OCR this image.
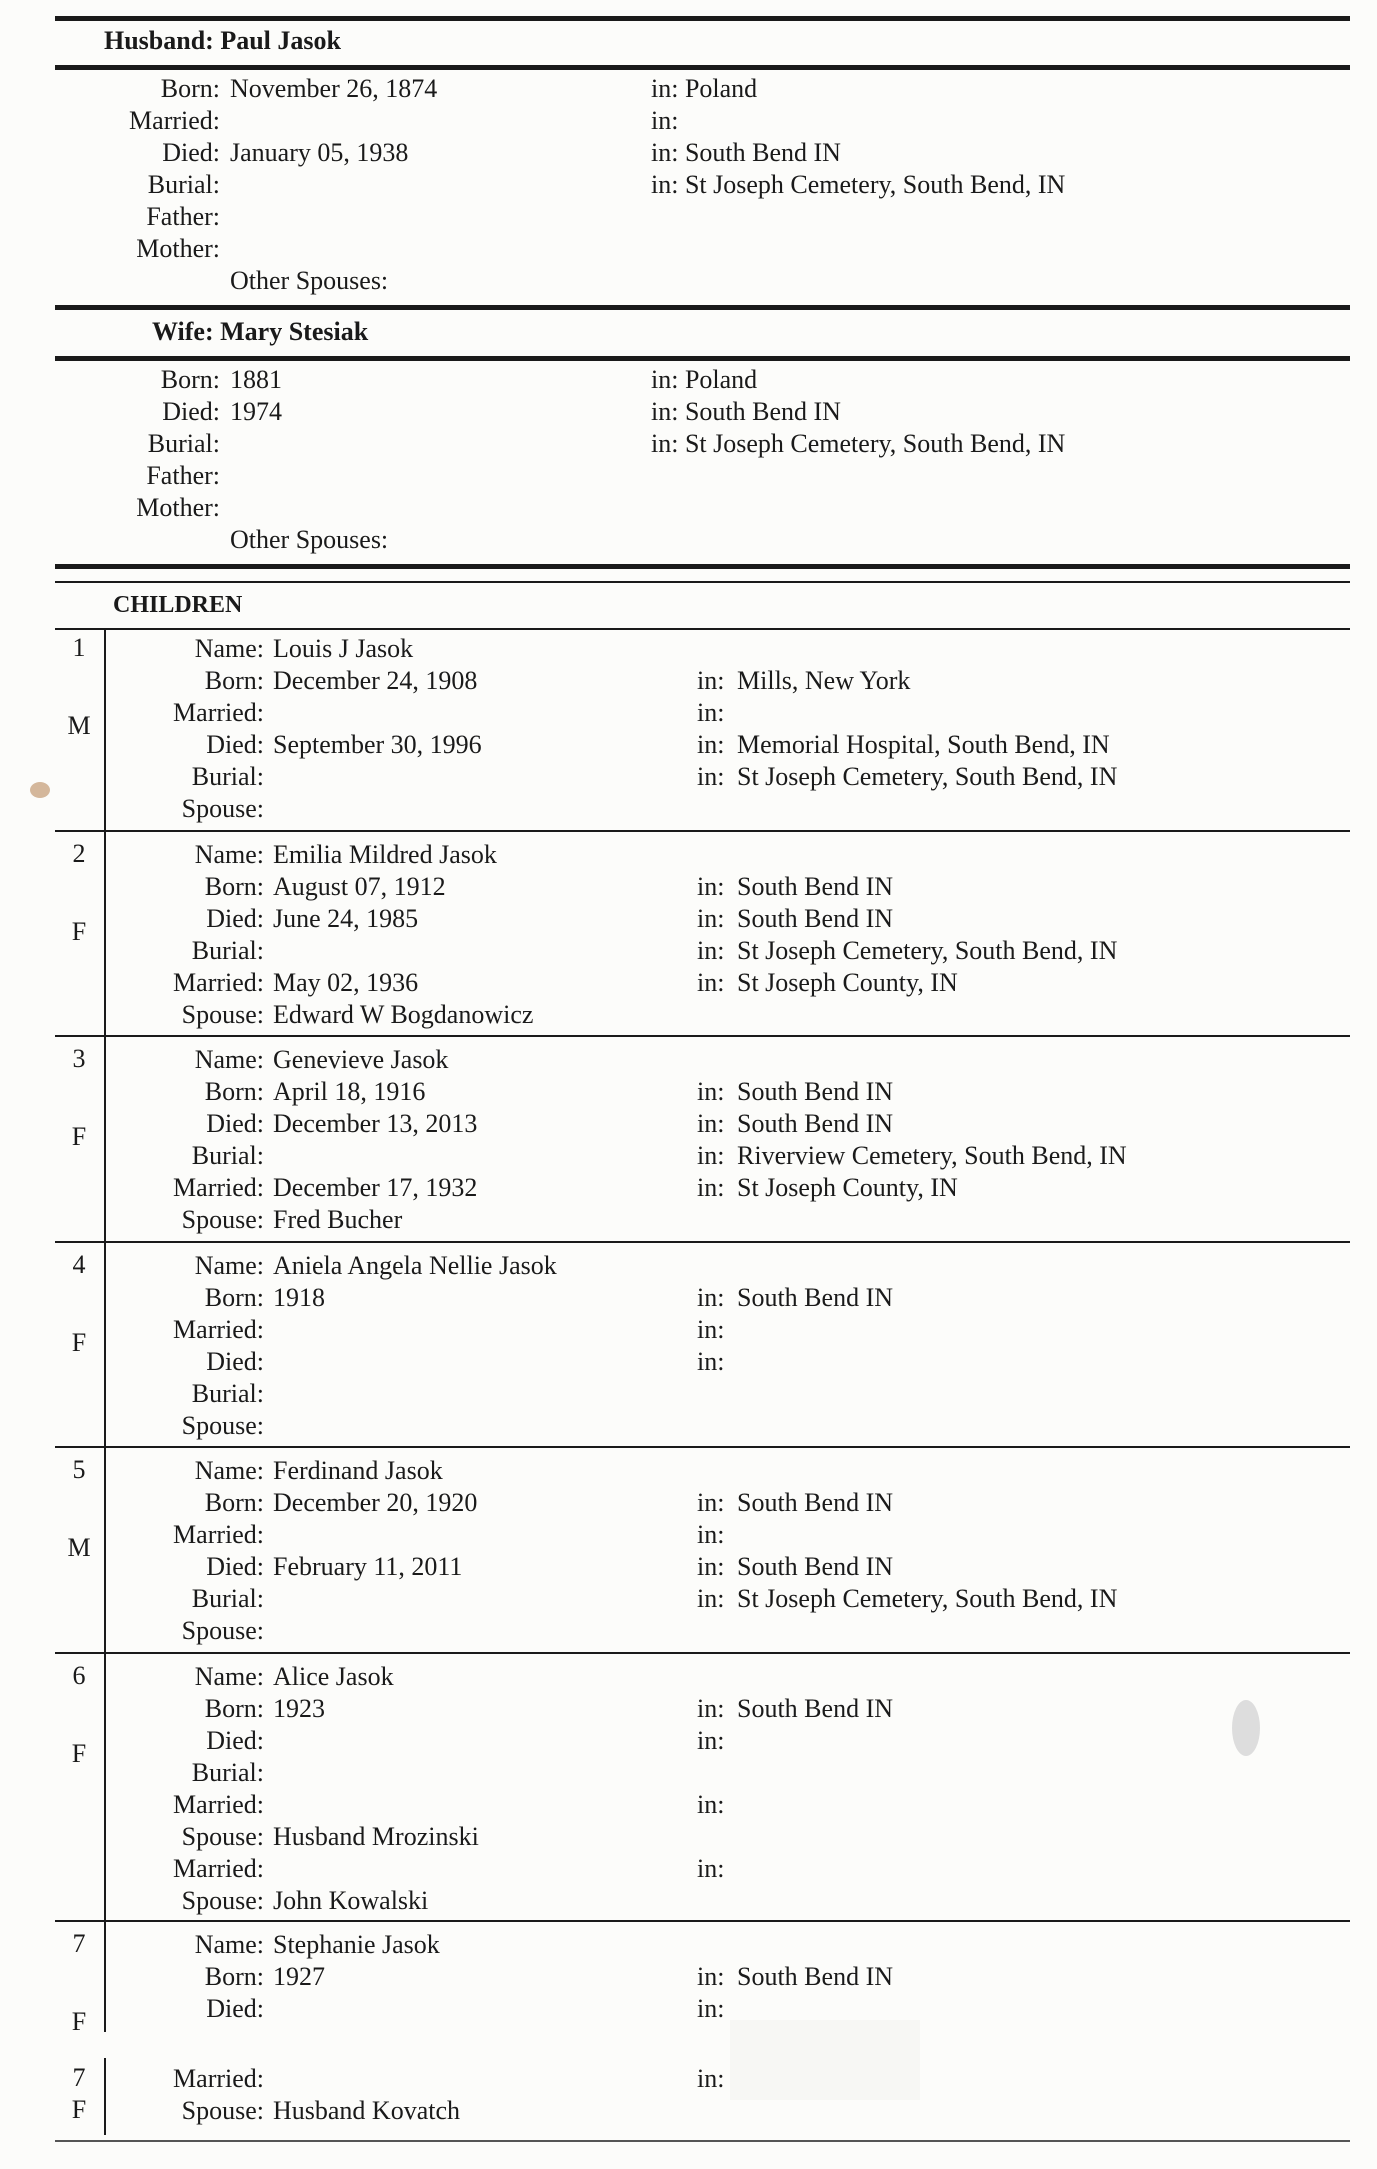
Husband: Paul Jasok
Born: November 26, 1874	in: Poland
Married:	in:
Died: January 05, 1938	in: South Bend IN
Burial:	in: St Joseph Cemetery, South Bend, IN
Father:
Mother:
Other Spouses:
Wife: Mary Stesiak
Born: 1881	in: Poland
Died: 1974	in: South Bend IN
Burial:	in: St Joseph Cemetery, South Bend, IN
Father:
Mother:
Other Spouses:
CHILDREN
1
M
Name: Louis J Jasok
Born: December 24, 1908	in: Mills, New York
Married:	in:
Died: September 30, 1996	in: Memorial Hospital, South Bend, IN
Burial:	in: St Joseph Cemetery, South Bend, IN
Spouse:
2
F
Name: Emilia Mildred Jasok
Born: August 07, 1912	in: South Bend IN
Died: June 24, 1985	in: South Bend IN
Burial:	in: St Joseph Cemetery, South Bend, IN
Married: May 02, 1936	in: St Joseph County, IN
Spouse: Edward W Bogdanowicz
3
F
Name: Genevieve Jasok
Born: April 18, 1916	in: South Bend IN
Died: December 13, 2013	in: South Bend IN
Burial:	in: Riverview Cemetery, South Bend, IN
Married: December 17, 1932	in: St Joseph County, IN
Spouse: Fred Bucher
4
F
Name: Aniela Angela Nellie Jasok
Born: 1918	in: South Bend IN
Married:	in:
Died:	in:
Burial:
Spouse:
5
M
Name: Ferdinand Jasok
Born: December 20, 1920	in: South Bend IN
Married:	in:
Died: February 11, 2011	in: South Bend IN
Burial:	in: St Joseph Cemetery, South Bend, IN
Spouse:
6
F
Name: Alice Jasok
Born: 1923	in: South Bend IN
Died:	in:
Burial:
Married:	in:
Spouse: Husband Mrozinski
Married:	in:
Spouse: John Kowalski
7
F
Name: Stephanie Jasok
Born: 1927	in: South Bend IN
Died:	in:
7
F
Married:	in:
Spouse: Husband Kovatch
